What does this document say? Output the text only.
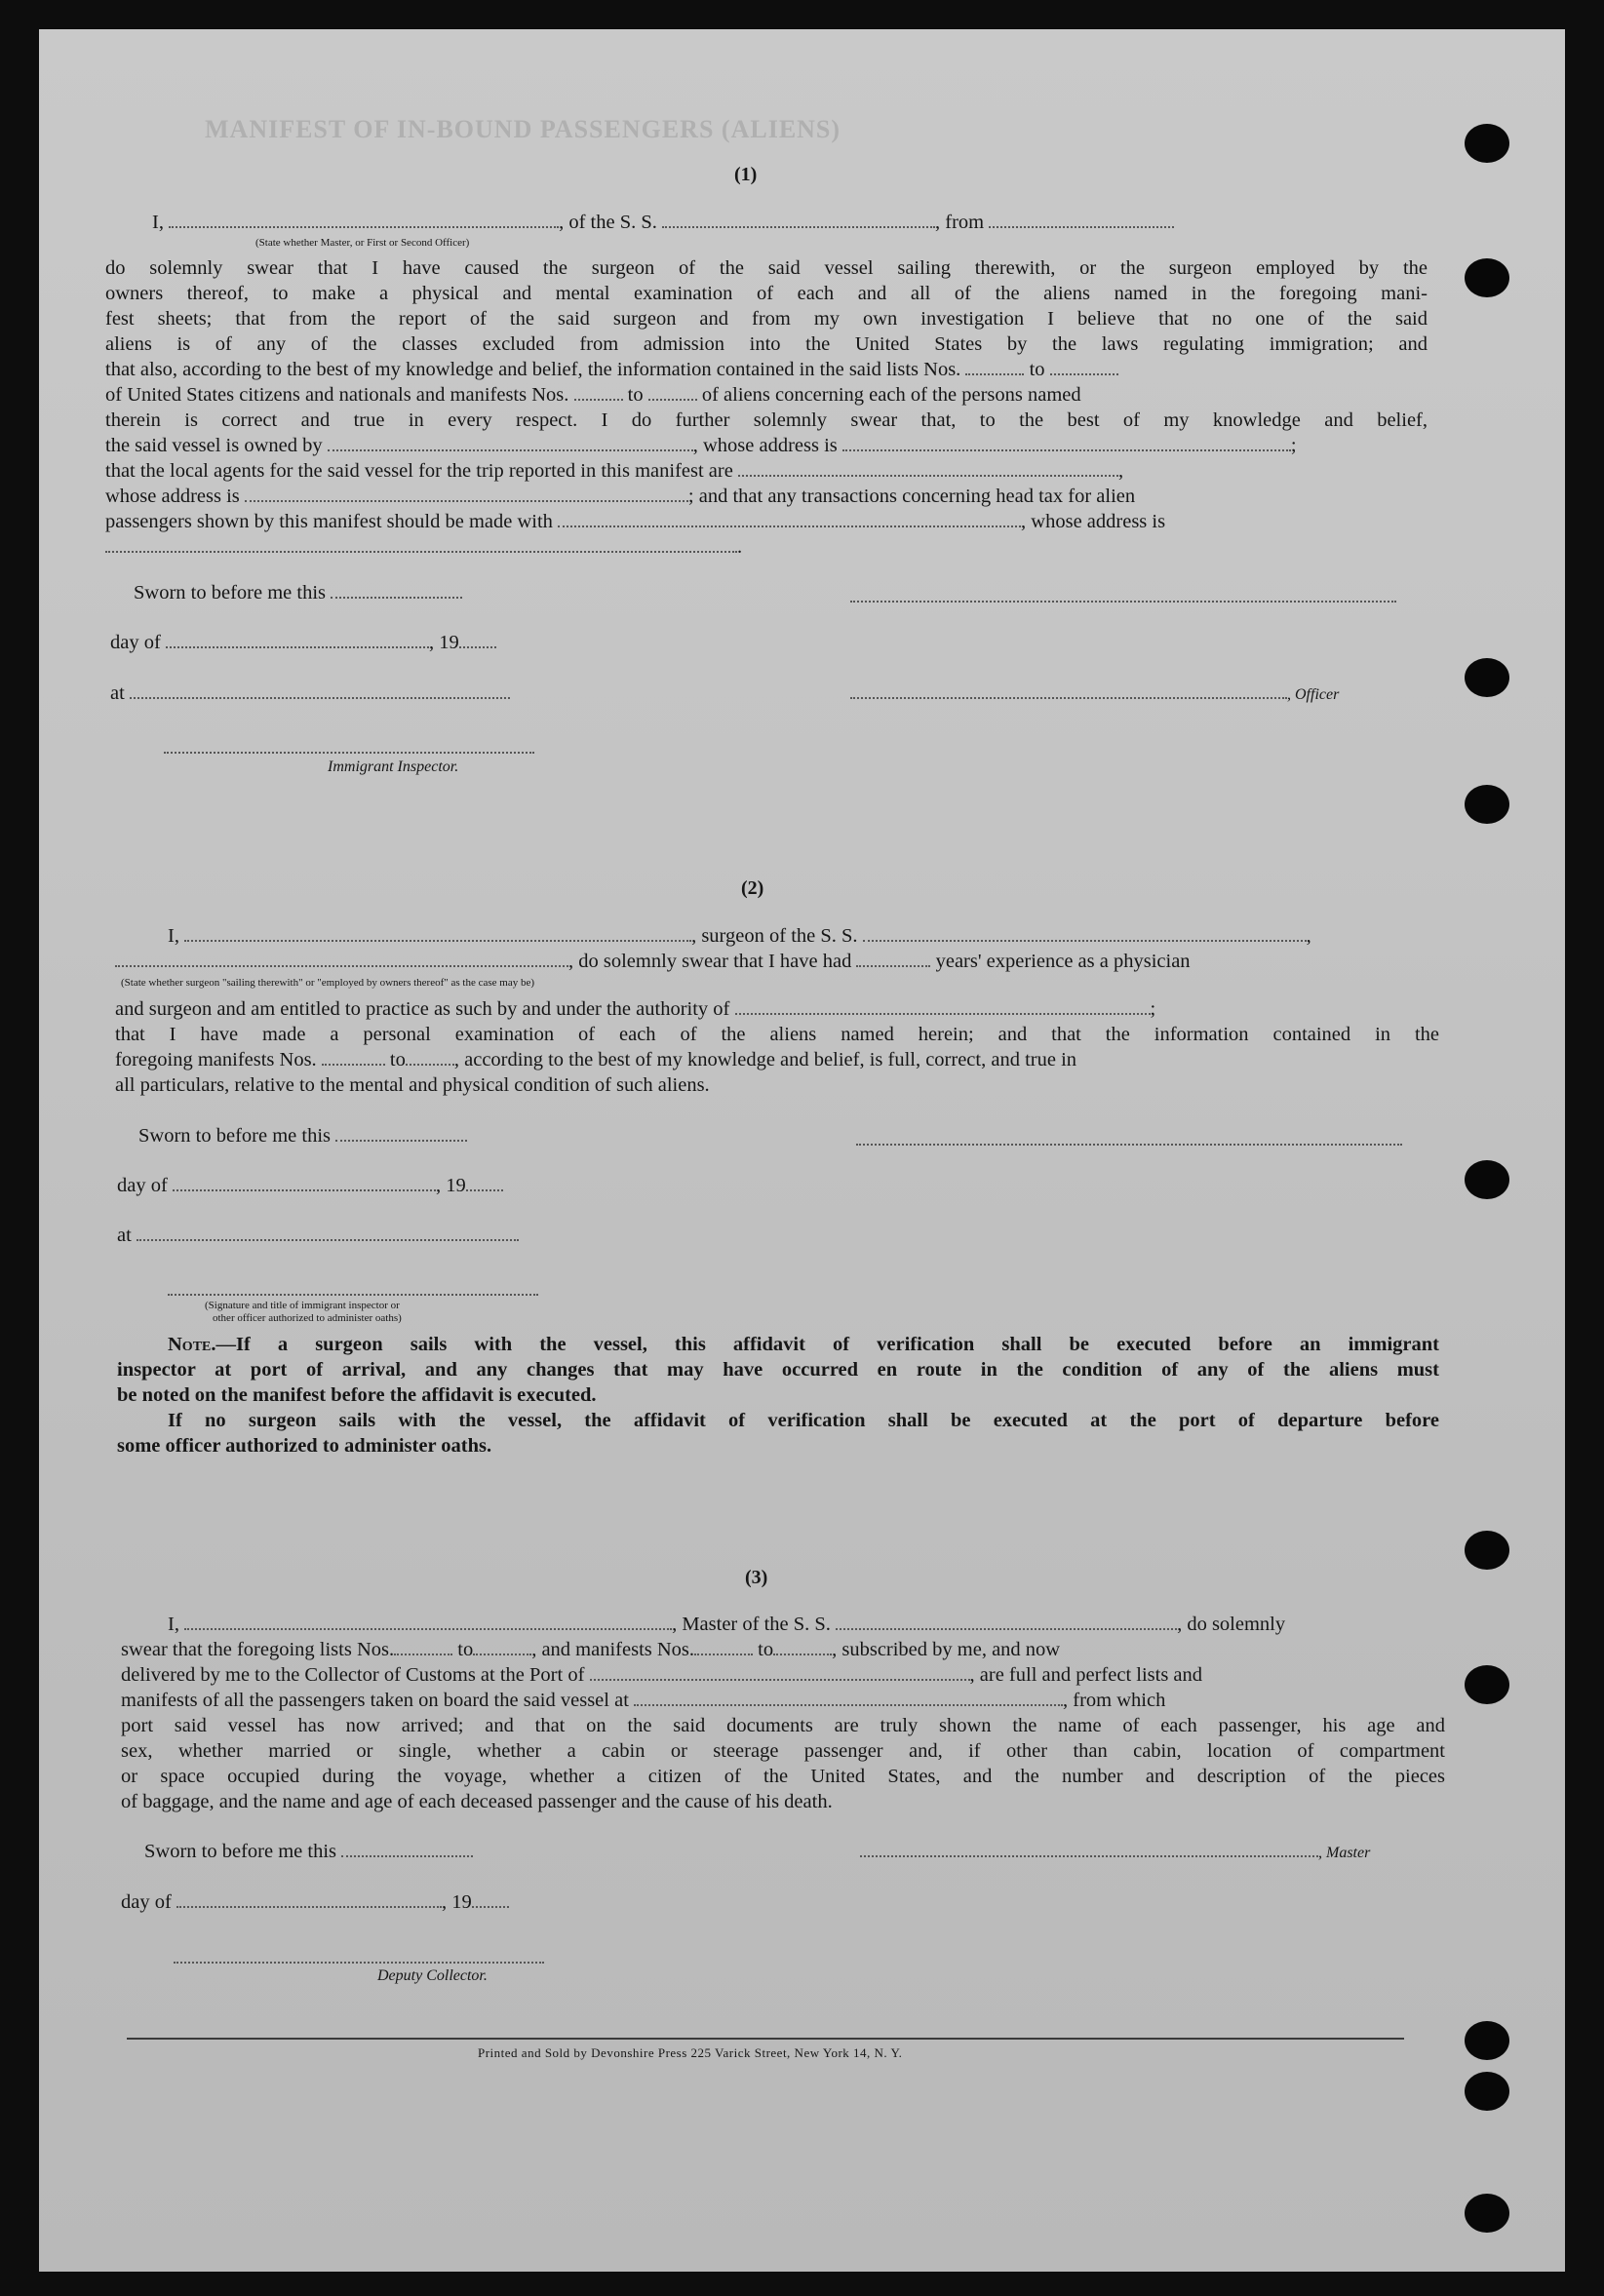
MANIFEST OF IN-BOUND PASSENGERS (ALIENS)
(1)
I,	, of the S. S.	, from
(State whether Master, or First or Second Officer)
do solemnly swear that I have caused the surgeon of the said vessel sailing therewith, or the surgeon employed by the
owners thereof, to make a physical and mental examination of each and all of the aliens named in the foregoing mani-
fest sheets; that from the report of the said surgeon and from my own investigation I believe that no one of the said
aliens is of any of the classes excluded from admission into the United States by the laws regulating immigration; and
that also, according to the best of my knowledge and belief, the information contained in the said lists Nos.	to
of United States citizens and nationals and manifests Nos.	to	of aliens concerning each of the persons named
therein is correct and true in every respect. I do further solemnly swear that, to the best of my knowledge and belief,
the said vessel is owned by	, whose address is	;
that the local agents for the said vessel for the trip reported in this manifest are	,
whose address is	; and that any transactions concerning head tax for alien
passengers shown by this manifest should be made with	, whose address is
.
Sworn to before me this
day of	, 19
at	, Officer
Immigrant Inspector.
(2)
I,	, surgeon of the S. S.	,
, do solemnly swear that I have had	years' experience as a physician
(State whether surgeon "sailing therewith" or "employed by owners thereof" as the case may be)
and surgeon and am entitled to practice as such by and under the authority of	;
that I have made a personal examination of each of the aliens named herein; and that the information contained in the
foregoing manifests Nos.	to , according to the best of my knowledge and belief, is full, correct, and true in
all particulars, relative to the mental and physical condition of such aliens.
Sworn to before me this
day of	, 19
at
(Signature and title of immigrant inspector or
other officer authorized to administer oaths)
Note.—If a surgeon sails with the vessel, this affidavit of verification shall be executed before an immigrant
inspector at port of arrival, and any changes that may have occurred en route in the condition of any of the aliens must
be noted on the manifest before the affidavit is executed.
If no surgeon sails with the vessel, the affidavit of verification shall be executed at the port of departure before
some officer authorized to administer oaths.
(3)
I,	, Master of the S. S.	, do solemnly
swear that the foregoing lists Nos.	to	, and manifests Nos.	to	, subscribed by me, and now
delivered by me to the Collector of Customs at the Port of	, are full and perfect lists and
manifests of all the passengers taken on board the said vessel at	, from which
port said vessel has now arrived; and that on the said documents are truly shown the name of each passenger, his age and
sex, whether married or single, whether a cabin or steerage passenger and, if other than cabin, location of compartment
or space occupied during the voyage, whether a citizen of the United States, and the number and description of the pieces
of baggage, and the name and age of each deceased passenger and the cause of his death.
Sworn to before me this	, Master
day of	, 19
Deputy Collector.
Printed and Sold by Devonshire Press 225 Varick Street, New York 14, N. Y.
